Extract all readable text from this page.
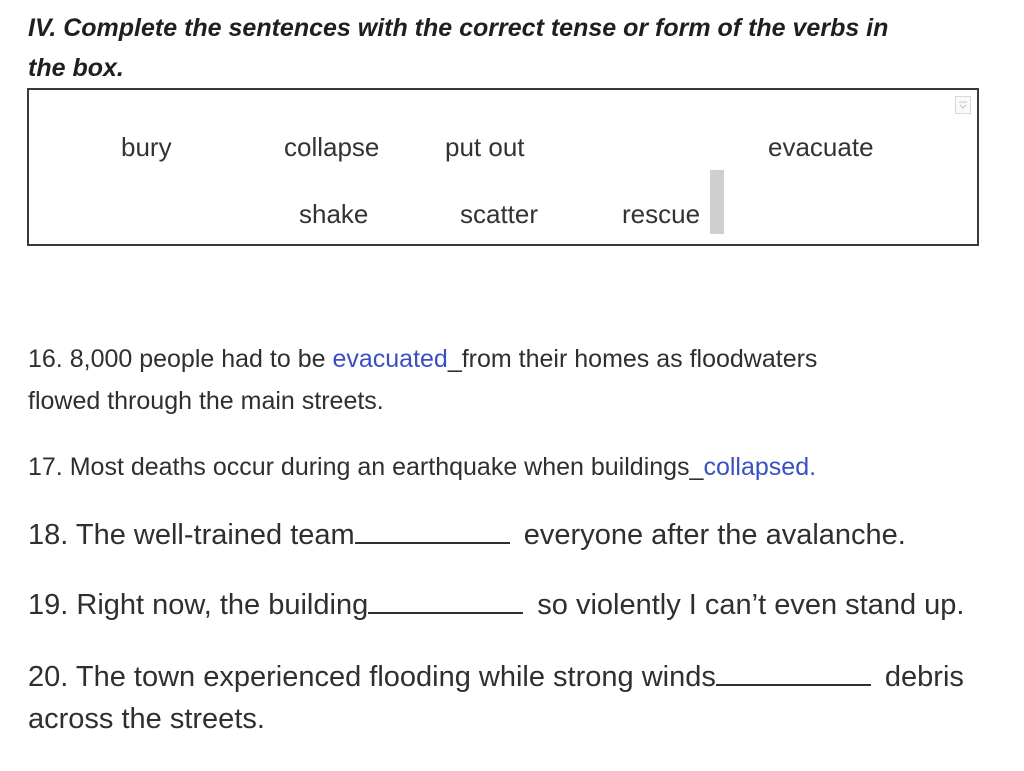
IV. Complete the sentences with the correct tense or form of the verbs in
the box.
bury	collapse	put out	evacuate
shake	scatter	rescue
16. 8,000 people had to be evacuated_from their homes as floodwaters
flowed through the main streets.
17. Most deaths occur during an earthquake when buildings_collapsed.
18. The well-trained team	everyone after the avalanche.
19. Right now, the building	so violently I can’t even stand up.
20. The town experienced flooding while strong winds	debris
across the streets.
